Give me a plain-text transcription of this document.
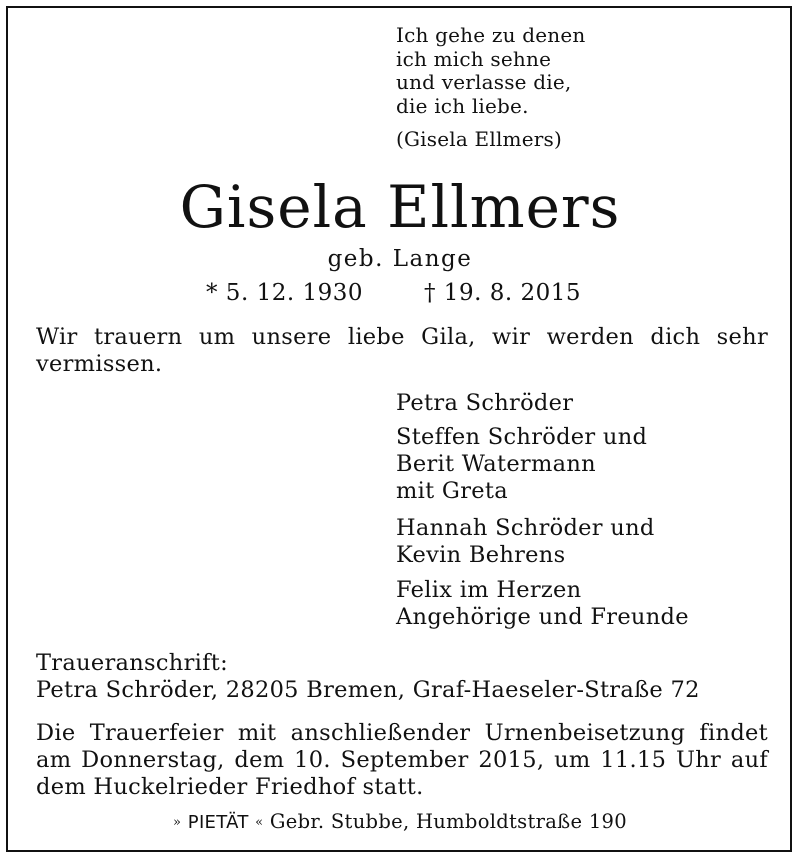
Ich gehe zu denen
ich mich sehne
und verlasse die,
die ich liebe.
(Gisela Ellmers)
Gisela Ellmers
geb. Lange
* 5. 12. 1930	† 19. 8. 2015
Wir trauern um unsere liebe Gila, wir werden dich sehr vermissen.
Petra Schröder
Steffen Schröder und
Berit Watermann
mit Greta
Hannah Schröder und
Kevin Behrens
Felix im Herzen
Angehörige und Freunde
Traueranschrift:
Petra Schröder, 28205 Bremen, Graf-Haeseler-Straße 72
Die Trauerfeier mit anschließender Urnenbeisetzung findet am Donnerstag, dem 10. September 2015, um 11.15 Uhr auf dem Huckelrieder Friedhof statt.
» PIETÄT « Gebr. Stubbe, Humboldtstraße 190
